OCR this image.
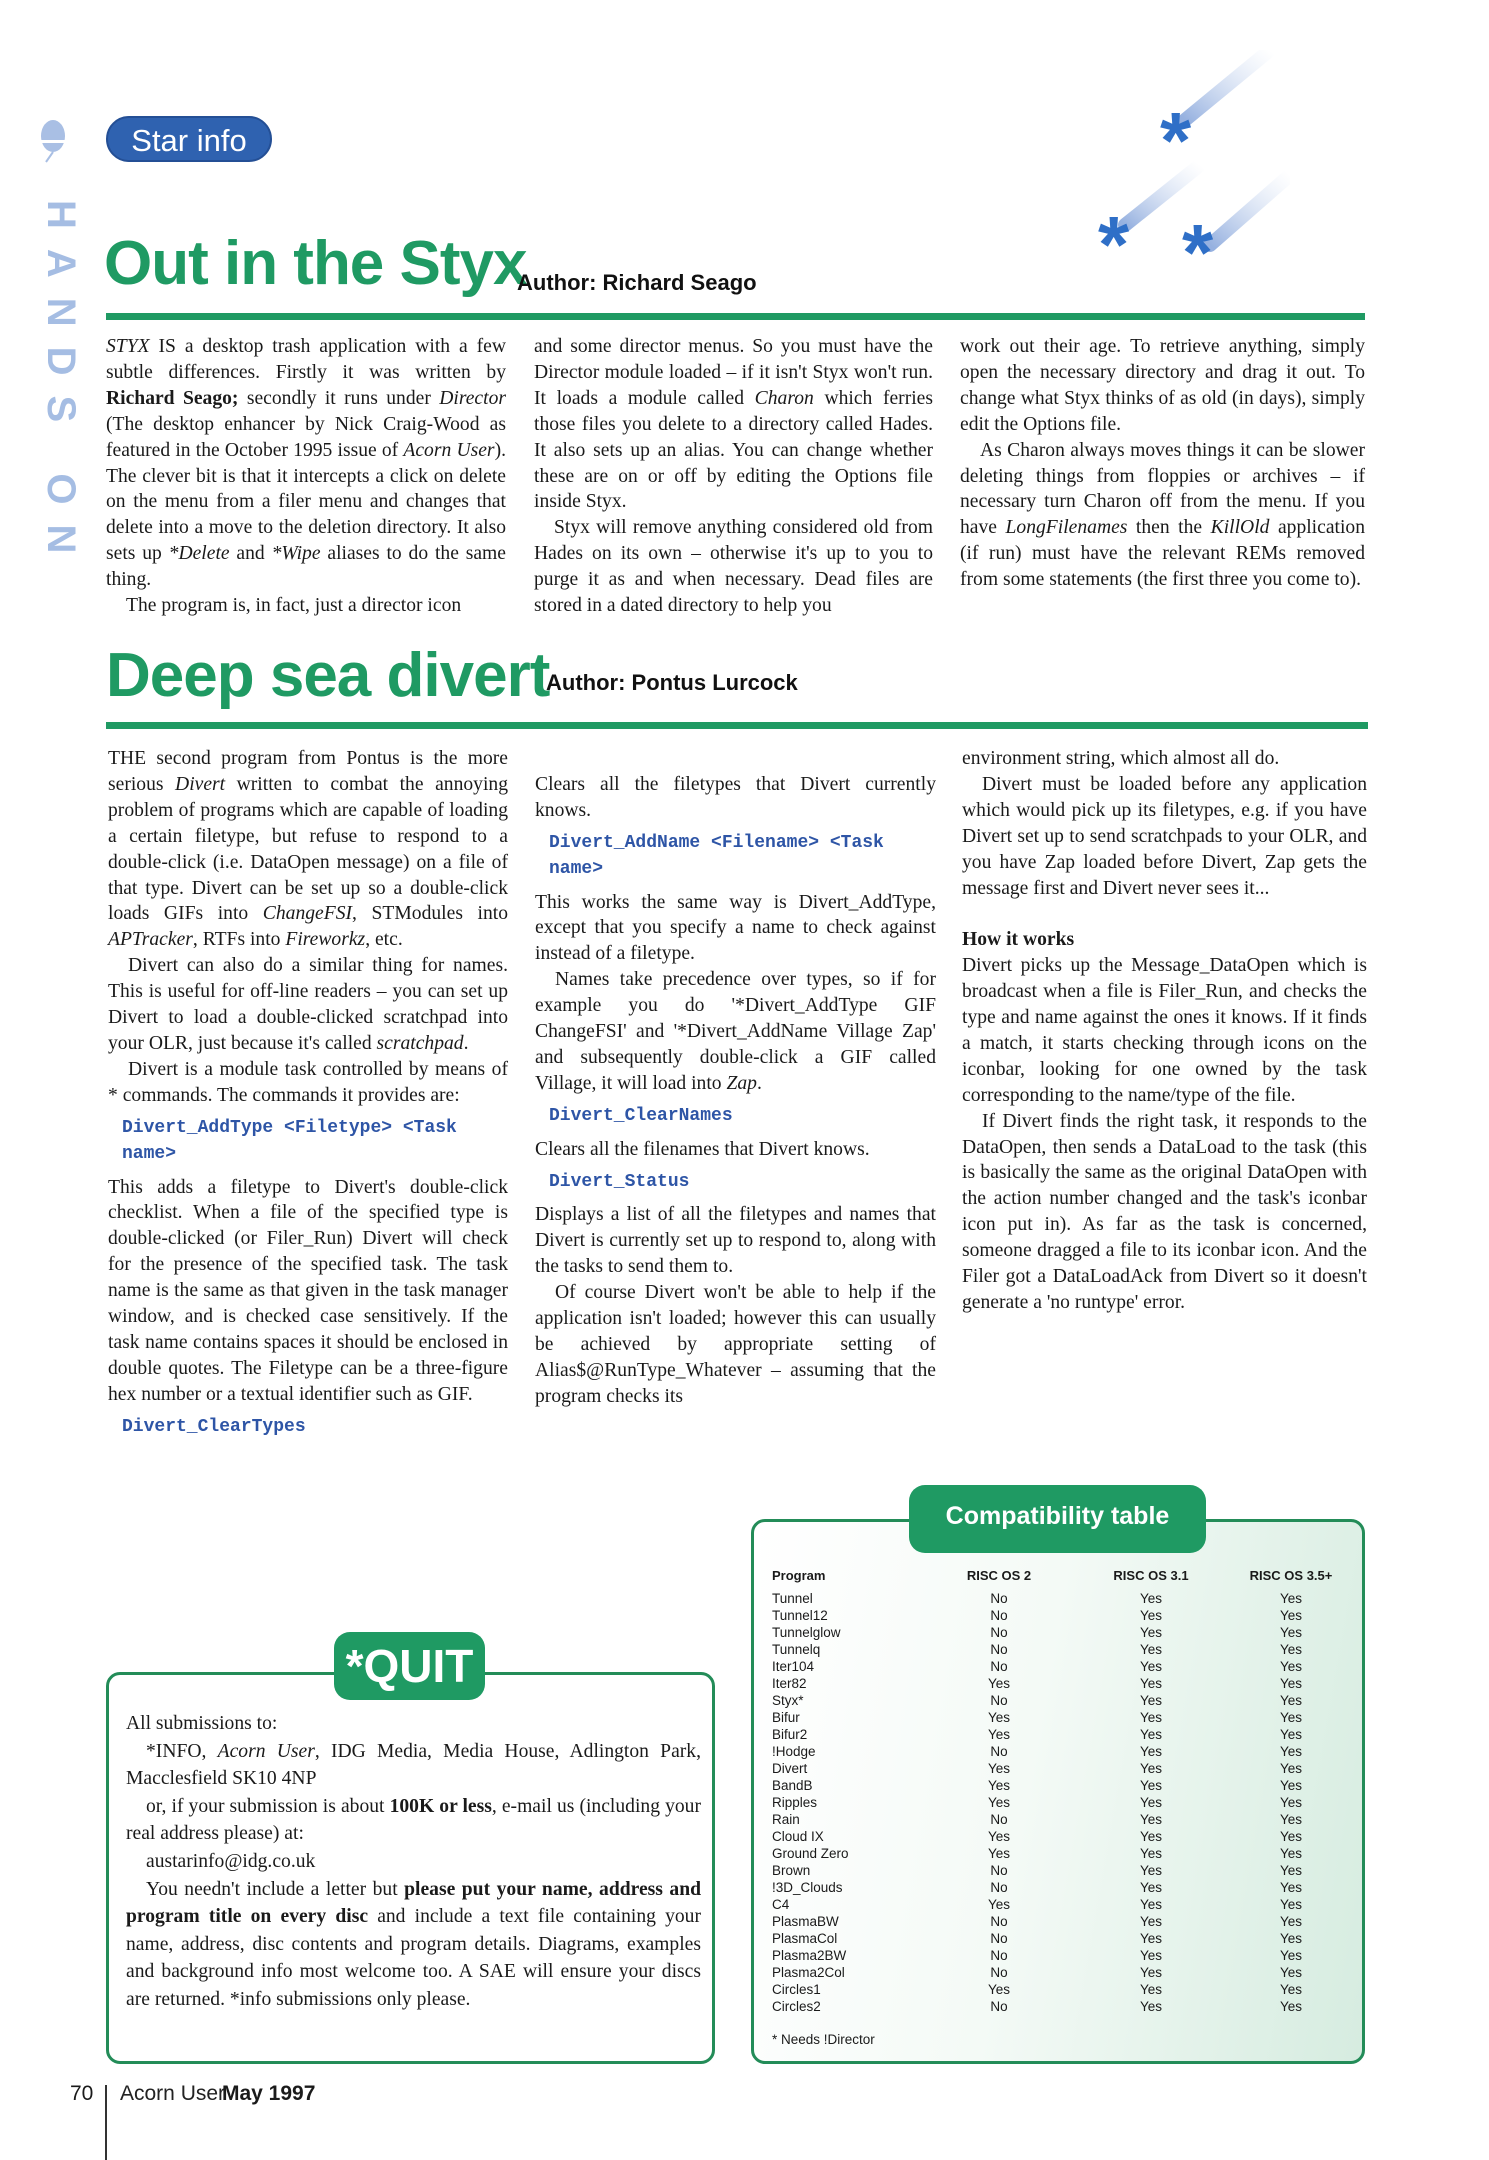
HANDS ON
Star info	*
* *
Out in the Styx
Author: Richard Seago

STYX IS a desktop trash application with a few subtle differences. Firstly it was written by Richard Seago; secondly it runs under Director (The desktop enhancer by Nick Craig-Wood as featured in the October 1995 issue of Acorn User). The clever bit is that it intercepts a click on delete on the menu from a filer menu and changes that delete into a move to the deletion directory. It also sets up *Delete and *Wipe aliases to do the same thing.

The program is, in fact, just a director icon

and some director menus. So you must have the Director module loaded – if it isn't Styx won't run. It loads a module called Charon which ferries those files you delete to a directory called Hades. It also sets up an alias. You can change whether these are on or off by editing the Options file inside Styx.

Styx will remove anything considered old from Hades on its own – otherwise it's up to you to purge it as and when necessary. Dead files are stored in a dated directory to help you

work out their age. To retrieve anything, simply open the necessary directory and drag it out. To change what Styx thinks of as old (in days), simply edit the Options file.

As Charon always moves things it can be slower deleting things from floppies or archives – if necessary turn Charon off from the menu. If you have LongFilenames then the KillOld application (if run) must have the relevant REMs removed from some statements (the first three you come to).

Deep sea divert
Author: Pontus Lurcock

THE second program from Pontus is the more serious Divert written to combat the annoying problem of programs which are capable of loading a certain filetype, but refuse to respond to a double-click (i.e. DataOpen message) on a file of that type. Divert can be set up so a double-click loads GIFs into ChangeFSI, STModules into APTracker, RTFs into Fireworkz, etc.

Divert can also do a similar thing for names. This is useful for off-line readers – you can set up Divert to load a double-clicked scratchpad into your OLR, just because it's called scratchpad.

Divert is a module task controlled by means of * commands. The commands it provides are:

Divert_AddType <Filetype> <Task name>

This adds a filetype to Divert's double-click checklist. When a file of the specified type is double-clicked (or Filer_Run) Divert will check for the presence of the specified task. The task name is the same as that given in the task manager window, and is checked case sensitively. If the task name contains spaces it should be enclosed in double quotes. The Filetype can be a three-figure hex number or a textual identifier such as GIF.

Divert_ClearTypes

Clears all the filetypes that Divert currently knows.

Divert_AddName <Filename> <Task name>

This works the same way is Divert_AddType, except that you specify a name to check against instead of a filetype.

Names take precedence over types, so if for example you do '*Divert_AddType GIF ChangeFSI' and '*Divert_AddName Village Zap' and subsequently double-click a GIF called Village, it will load into Zap.

Divert_ClearNames

Clears all the filenames that Divert knows.

Divert_Status

Displays a list of all the filetypes and names that Divert is currently set up to respond to, along with the tasks to send them to.

Of course Divert won't be able to help if the application isn't loaded; however this can usually be achieved by appropriate setting of Alias$@RunType_Whatever – assuming that the program checks its

environment string, which almost all do.

Divert must be loaded before any application which would pick up its filetypes, e.g. if you have Divert set up to send scratchpads to your OLR, and you have Zap loaded before Divert, Zap gets the message first and Divert never sees it...

How it works

Divert picks up the Message_DataOpen which is broadcast when a file is Filer_Run, and checks the type and name against the ones it knows. If it finds a match, it starts checking through icons on the iconbar, looking for one owned by the task corresponding to the name/type of the file.

If Divert finds the right task, it responds to the DataOpen, then sends a DataLoad to the task (this is basically the same as the original DataOpen with the action number changed and the task's iconbar icon put in). As far as the task is concerned, someone dragged a file to its iconbar icon. And the Filer got a DataLoadAck from Divert so it doesn't generate a 'no runtype' error.

*QUIT

All submissions to:

*INFO, Acorn User, IDG Media, Media House, Adlington Park, Macclesfield SK10 4NP

or, if your submission is about 100K or less, e-mail us (including your real address please) at:

austarinfo@idg.co.uk

You needn't include a letter but please put your name, address and program title on every disc and include a text file containing your name, address, disc contents and program details. Diagrams, examples and background info most welcome too. A SAE will ensure your discs are returned. *info submissions only please.

Compatibility table
Program	RISC OS 2	RISC OS 3.1	RISC OS 3.5+
Tunnel	No	Yes	Yes
Tunnel12	No	Yes	Yes
Tunnelglow	No	Yes	Yes
Tunnelq	No	Yes	Yes
Iter104	No	Yes	Yes
Iter82	Yes	Yes	Yes
Styx*	No	Yes	Yes
Bifur	Yes	Yes	Yes
Bifur2	Yes	Yes	Yes
!Hodge	No	Yes	Yes
Divert	Yes	Yes	Yes
BandB	Yes	Yes	Yes
Ripples	Yes	Yes	Yes
Rain	No	Yes	Yes
Cloud IX	Yes	Yes	Yes
Ground Zero	Yes	Yes	Yes
Brown	No	Yes	Yes
!3D_Clouds	No	Yes	Yes
C4	Yes	Yes	Yes
PlasmaBW	No	Yes	Yes
PlasmaCol	No	Yes	Yes
Plasma2BW	No	Yes	Yes
Plasma2Col	No	Yes	Yes
Circles1	Yes	Yes	Yes
Circles2	No	Yes	Yes
* Needs !Director
70 Acorn User
May 1997
